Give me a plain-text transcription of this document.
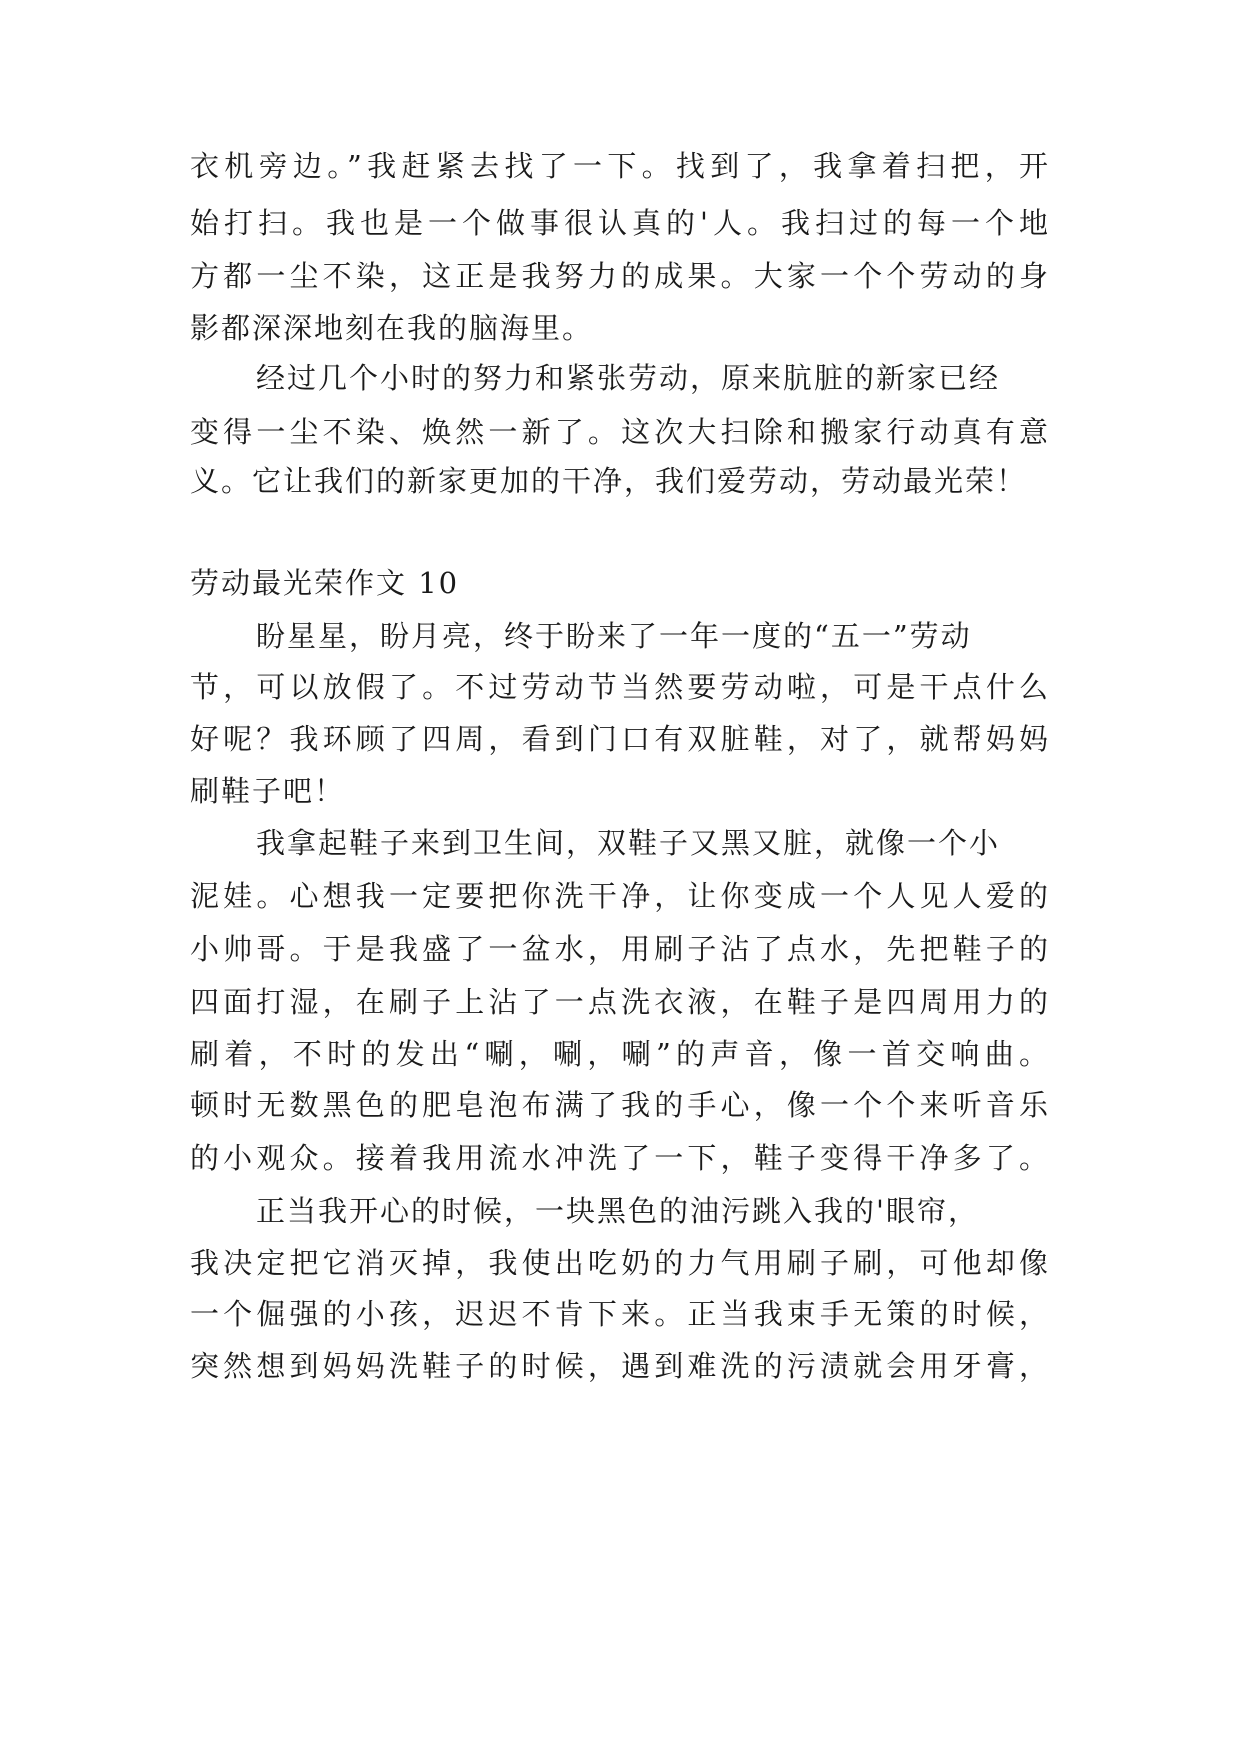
衣机旁边。”我赶紧去找了一下。找到了，我拿着扫把，开
始打扫。我也是一个做事很认真的'人。我扫过的每一个地
方都一尘不染，这正是我努力的成果。大家一个个劳动的身
影都深深地刻在我的脑海里。
经过几个小时的努力和紧张劳动，原来肮脏的新家已经
变得一尘不染、焕然一新了。这次大扫除和搬家行动真有意
义。它让我们的新家更加的干净，我们爱劳动，劳动最光荣！
劳动最光荣作文 10
盼星星，盼月亮，终于盼来了一年一度的“五一”劳动
节，可以放假了。不过劳动节当然要劳动啦，可是干点什么
好呢？我环顾了四周，看到门口有双脏鞋，对了，就帮妈妈
刷鞋子吧！
我拿起鞋子来到卫生间，双鞋子又黑又脏，就像一个小
泥娃。心想我一定要把你洗干净，让你变成一个人见人爱的
小帅哥。于是我盛了一盆水，用刷子沾了点水，先把鞋子的
四面打湿，在刷子上沾了一点洗衣液，在鞋子是四周用力的
刷着，不时的发出“唰，唰，唰”的声音，像一首交响曲。
顿时无数黑色的肥皂泡布满了我的手心，像一个个来听音乐
的小观众。接着我用流水冲洗了一下，鞋子变得干净多了。
正当我开心的时候，一块黑色的油污跳入我的'眼帘，
我决定把它消灭掉，我使出吃奶的力气用刷子刷，可他却像
一个倔强的小孩，迟迟不肯下来。正当我束手无策的时候，
突然想到妈妈洗鞋子的时候，遇到难洗的污渍就会用牙膏，
